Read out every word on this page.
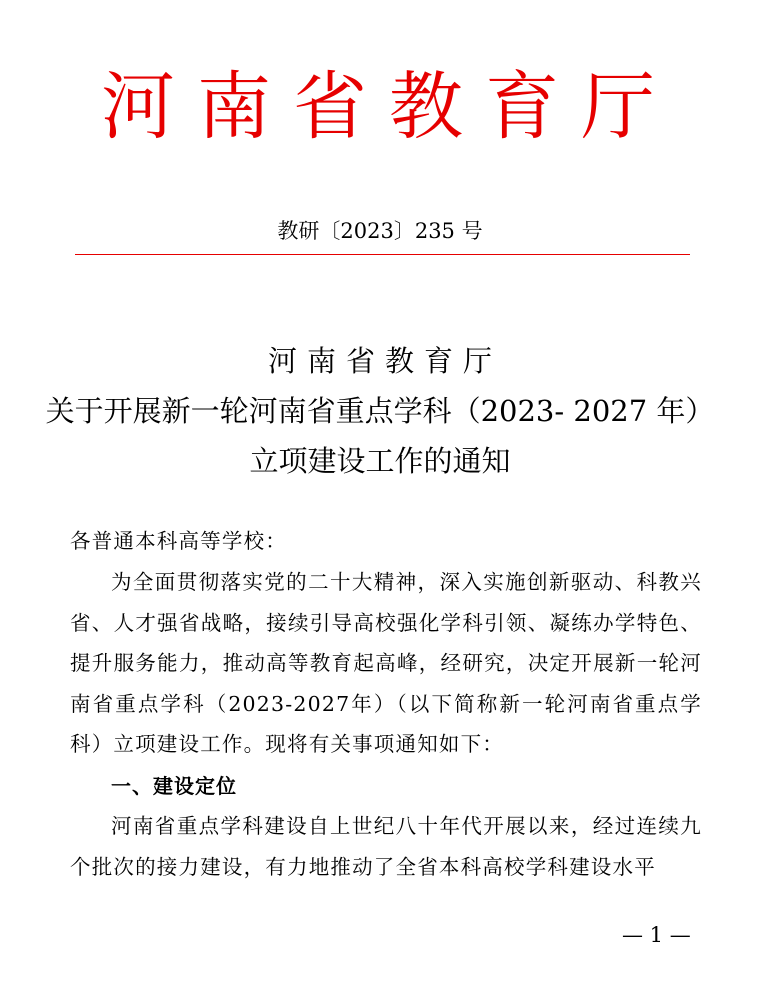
河南省教育厅
教研〔2023〕235 号
河南省教育厅
关于开展新一轮河南省重点学科（2023- 2027 年）
立项建设工作的通知
各普通本科高等学校：

为全面贯彻落实党的二十大精神，深入实施创新驱动、科教兴省、人才强省战略，接续引导高校强化学科引领、凝练办学特色、提升服务能力，推动高等教育起高峰，经研究，决定开展新一轮河南省重点学科（2023-2027年）（以下简称新一轮河南省重点学科）立项建设工作。现将有关事项通知如下：

一、建设定位

河南省重点学科建设自上世纪八十年代开展以来，经过连续九个批次的接力建设，有力地推动了全省本科高校学科建设水平

— 1 —
